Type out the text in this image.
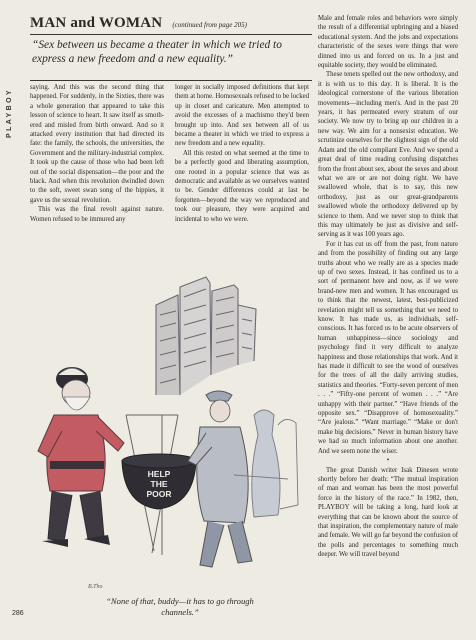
PLAYBOY
MAN and WOMAN (continued from page 205)
“Sex between us became a theater in which we tried to express a new freedom and a new equality.”

saying. And this was the second thing that happened. For suddenly, in the Sixties, there was a whole generation that appeared to take this lesson of science to heart. It saw itself as smothered and misled from birth onward. And so it attacked every institution that had directed its fate: the family, the schools, the universities, the Government and the military-industrial complex. It took up the cause of those who had been left out of the social dispensation—the poor and the black. And when this revolution dwindled down to the soft, sweet swan song of the hippies, it gave us the sexual revolution.

This was the final revolt against nature. Women refused to be immured any

longer in socially imposed definitions that kept them at home. Homosexuals refused to be locked up in closet and caricature. Men attempted to avoid the excesses of a machismo they'd been brought up into. And sex between all of us became a theater in which we tried to express a new freedom and a new equality.

All this rested on what seemed at the time to be a perfectly good and liberating assumption, one rooted in a popular science that was as democratic and available as we ourselves wanted to be. Gender differences could at last be forgotten—beyond the way we reproduced and took our pleasure, they were acquired and incidental to who we were.

Male and female roles and behaviors were simply the result of a differential upbringing and a biased educational system. And the jobs and expectations characteristic of the sexes were things that were dinned into us and forced on us. In a just and equitable society, they would be eliminated.

These tenets spelled out the new orthodoxy, and it is with us to this day. It is liberal. It is the ideological cornerstone of the various liberation movements—including men's. And in the past 20 years, it has permeated every stratum of our society. We now try to bring up our children in a new way. We aim for a nonsexist education. We scrutinize ourselves for the slightest sign of the old Adam and the old compliant Eve. And we spend a great deal of time reading confusing dispatches from the front about sex, about the sexes and about what we are or are not doing right. We have swallowed whole, that is to say, this new orthodoxy, just as our great-grandparents swallowed whole the orthodoxy delivered up by science to them. And we never stop to think that this may ultimately be just as divisive and self-serving as it was 100 years ago.

For it has cut us off from the past, from nature and from the possibility of finding out any large truths about who we really are as a species made up of two sexes. Instead, it has confined us to a sort of permanent here and now, as if we were brand-new men and women. It has encouraged us to think that the newest, latest, best-publicized revelation might tell us something that we need to know. It has made us, as individuals, self-conscious. It has forced us to be acute observers of human unhappiness—since sociology and psychology find it very difficult to analyze happiness and those relationships that work. And it has made it difficult to see the wood of ourselves for the trees of all the daily arriving studies, statistics and theories. “Forty-seven percent of men . . .” “Fifty-one percent of women . . .” “Are unhappy with their partner.” “Have friends of the opposite sex.” “Disapprove of homosexuality.” “Are jealous.” “Want marriage.” “Make or don't make big decisions.” Never in human history have we had so much information about one another. And we seem none the wiser.

•

The great Danish writer Isak Dinesen wrote shortly before her death: “The mutual inspiration of man and woman has been the most powerful force in the history of the race.” In 1982, then, PLAYBOY will be taking a long, hard look at everything that can be known about the source of that inspiration, the complementary nature of male and female. We will go far beyond the confusion of the polls and percentages to something much deeper. We will travel beyond

HELP
THE
POOR
B.Tho
“None of that, buddy—it has to go through channels.”
286
